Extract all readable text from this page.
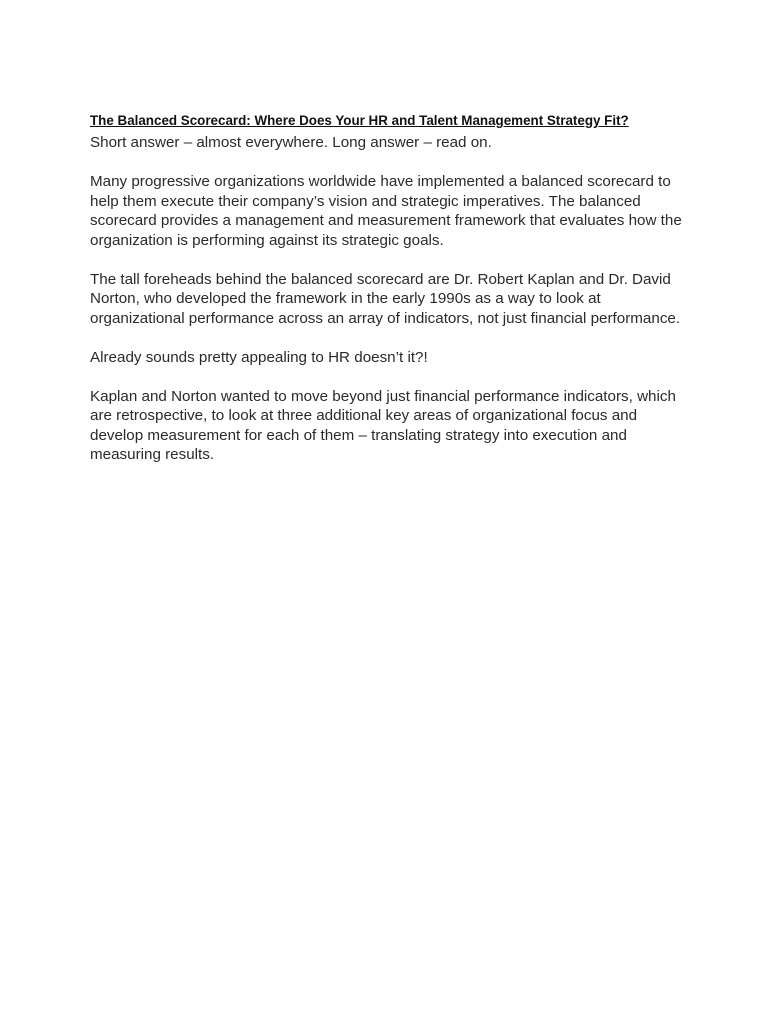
The Balanced Scorecard: Where Does Your HR and Talent Management Strategy Fit?

Short answer – almost everywhere. Long answer – read on.

Many progressive organizations worldwide have implemented a balanced scorecard to help them execute their company’s vision and strategic imperatives. The balanced scorecard provides a management and measurement framework that evaluates how the organization is performing against its strategic goals.

The tall foreheads behind the balanced scorecard are Dr. Robert Kaplan and Dr. David Norton, who developed the framework in the early 1990s as a way to look at organizational performance across an array of indicators, not just financial performance.

Already sounds pretty appealing to HR doesn’t it?!

Kaplan and Norton wanted to move beyond just financial performance indicators, which are retrospective, to look at three additional key areas of organizational focus and develop measurement for each of them – translating strategy into execution and measuring results.
